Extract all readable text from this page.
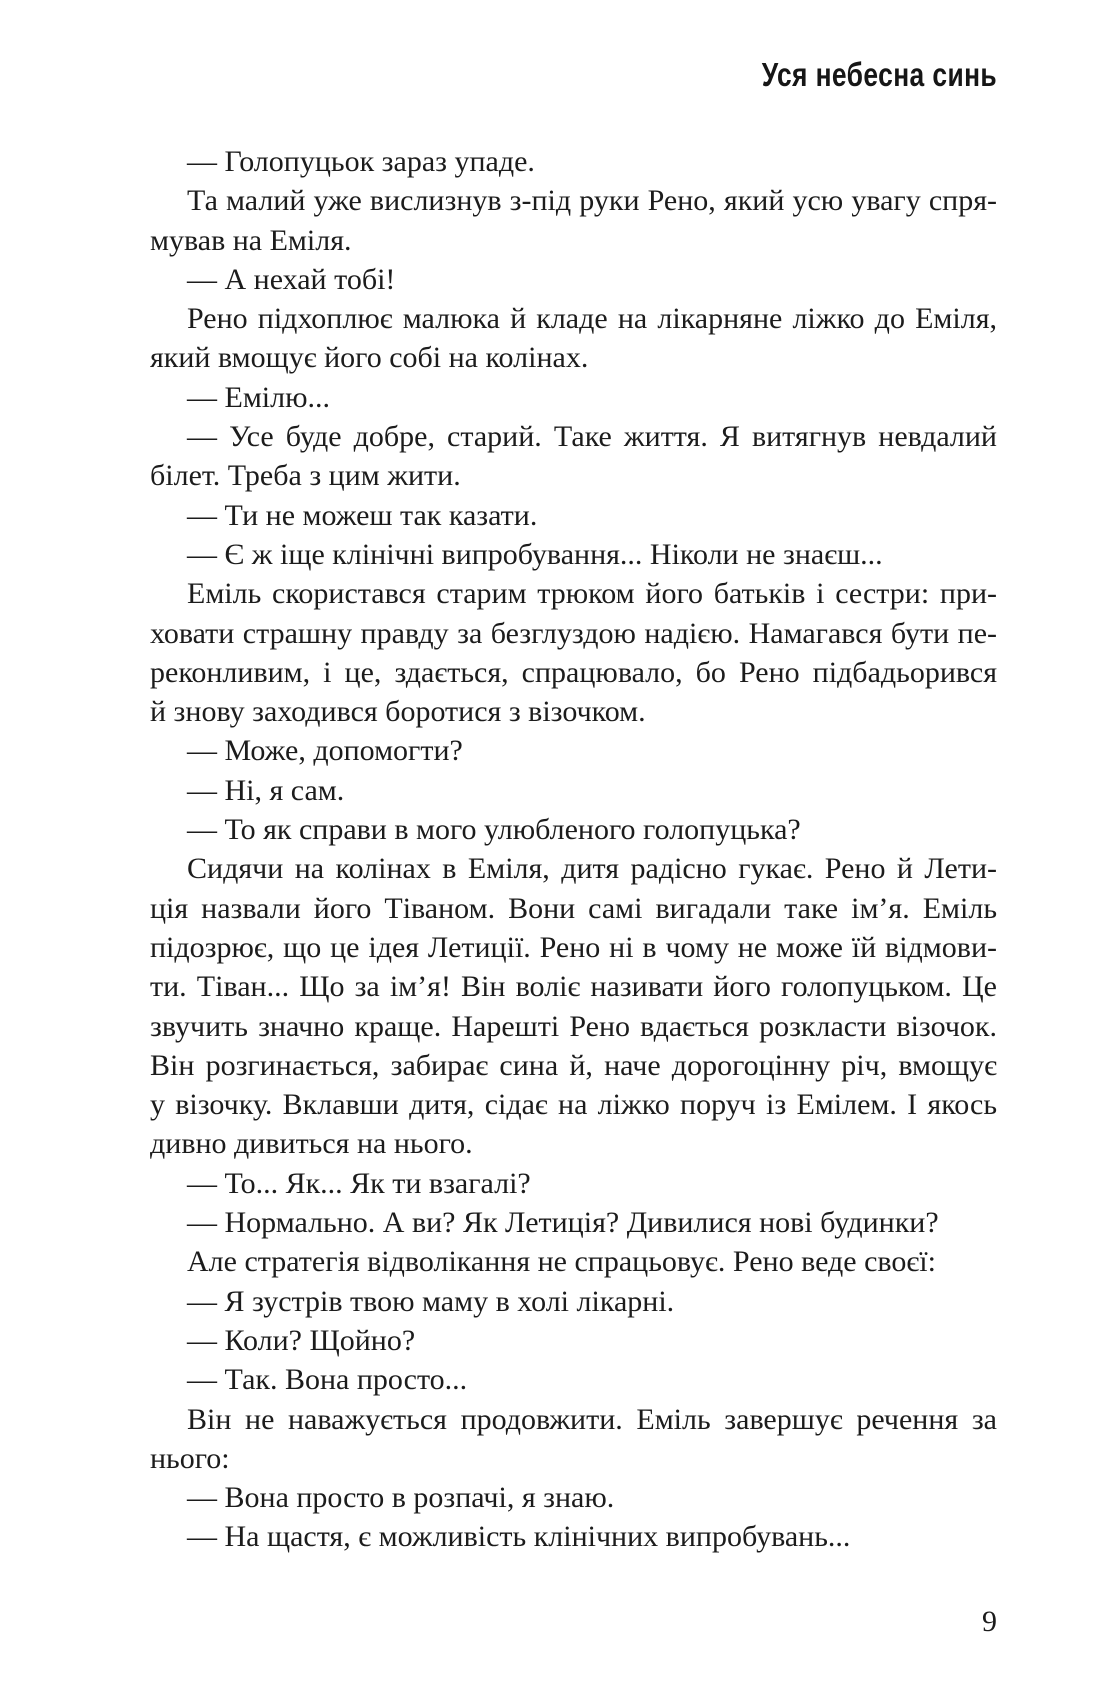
Уся небесна синь

— Голопуцьок зараз упаде.

Та малий уже вислизнув з-під руки Рено, який усю увагу спря-
мував на Еміля.

— А нехай тобі!

Рено підхоплює малюка й кладе на лікарняне ліжко до Еміля,
який вмощує його собі на колінах.

— Емілю...

— Усе буде добре, старий. Таке життя. Я витягнув невдалий
білет. Треба з цим жити.

— Ти не можеш так казати.

— Є ж іще клінічні випробування... Ніколи не знаєш...

Еміль скористався старим трюком його батьків і сестри: при-
ховати страшну правду за безглуздою надією. Намагався бути пе-
реконливим, і це, здається, спрацювало, бо Рено підбадьорився
й знову заходився боротися з візочком.

— Може, допомогти?

— Ні, я сам.

— То як справи в мого улюбленого голопуцька?

Сидячи на колінах в Еміля, дитя радісно гукає. Рено й Лети-
ція назвали його Тіваном. Вони самі вигадали таке ім’я. Еміль
підозрює, що це ідея Летиції. Рено ні в чому не може їй відмови-
ти. Тіван... Що за ім’я! Він воліє називати його голопуцьком. Це
звучить значно краще. Нарешті Рено вдається розкласти візочок.
Він розгинається, забирає сина й, наче дорогоцінну річ, вмощує
у візочку. Вклавши дитя, сідає на ліжко поруч із Емілем. І якось
дивно дивиться на нього.

— То... Як... Як ти взагалі?

— Нормально. А ви? Як Летиція? Дивилися нові будинки?

Але стратегія відволікання не спрацьовує. Рено веде своєї:

— Я зустрів твою маму в холі лікарні.

— Коли? Щойно?

— Так. Вона просто...

Він не наважується продовжити. Еміль завершує речення за
нього:

— Вона просто в розпачі, я знаю.

— На щастя, є можливість клінічних випробувань...

9
